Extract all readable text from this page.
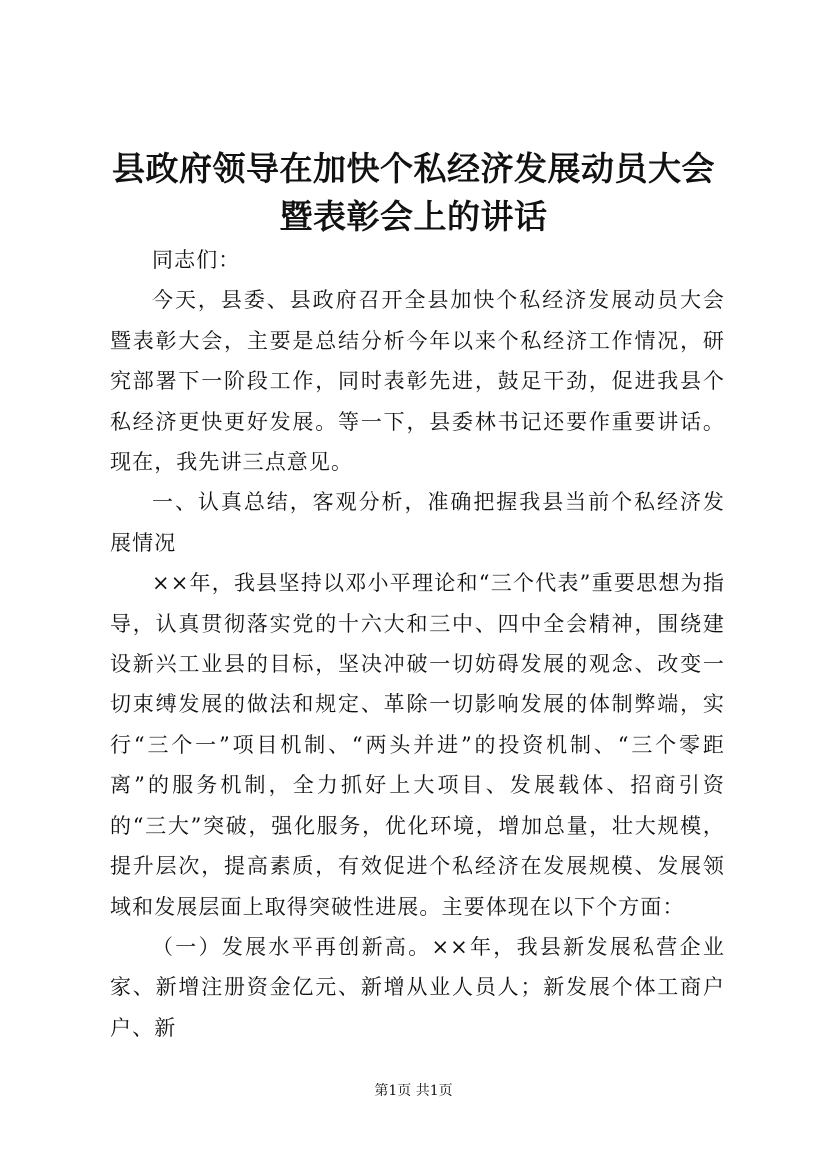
县政府领导在加快个私经济发展动员大会暨表彰会上的讲话

同志们：

今天，县委、县政府召开全县加快个私经济发展动员大会暨表彰大会，主要是总结分析今年以来个私经济工作情况，研究部署下一阶段工作，同时表彰先进，鼓足干劲，促进我县个私经济更快更好发展。等一下，县委林书记还要作重要讲话。现在，我先讲三点意见。

一、认真总结，客观分析，准确把握我县当前个私经济发展情况

××年，我县坚持以邓小平理论和“三个代表”重要思想为指导，认真贯彻落实党的十六大和三中、四中全会精神，围绕建设新兴工业县的目标，坚决冲破一切妨碍发展的观念、改变一切束缚发展的做法和规定、革除一切影响发展的体制弊端，实行“三个一”项目机制、“两头并进”的投资机制、“三个零距离”的服务机制，全力抓好上大项目、发展载体、招商引资的“三大”突破，强化服务，优化环境，增加总量，壮大规模，提升层次，提高素质，有效促进个私经济在发展规模、发展领域和发展层面上取得突破性进展。主要体现在以下个方面：

（一）发展水平再创新高。××年，我县新发展私营企业家、新增注册资金亿元、新增从业人员人；新发展个体工商户户、新

第1页 共1页
